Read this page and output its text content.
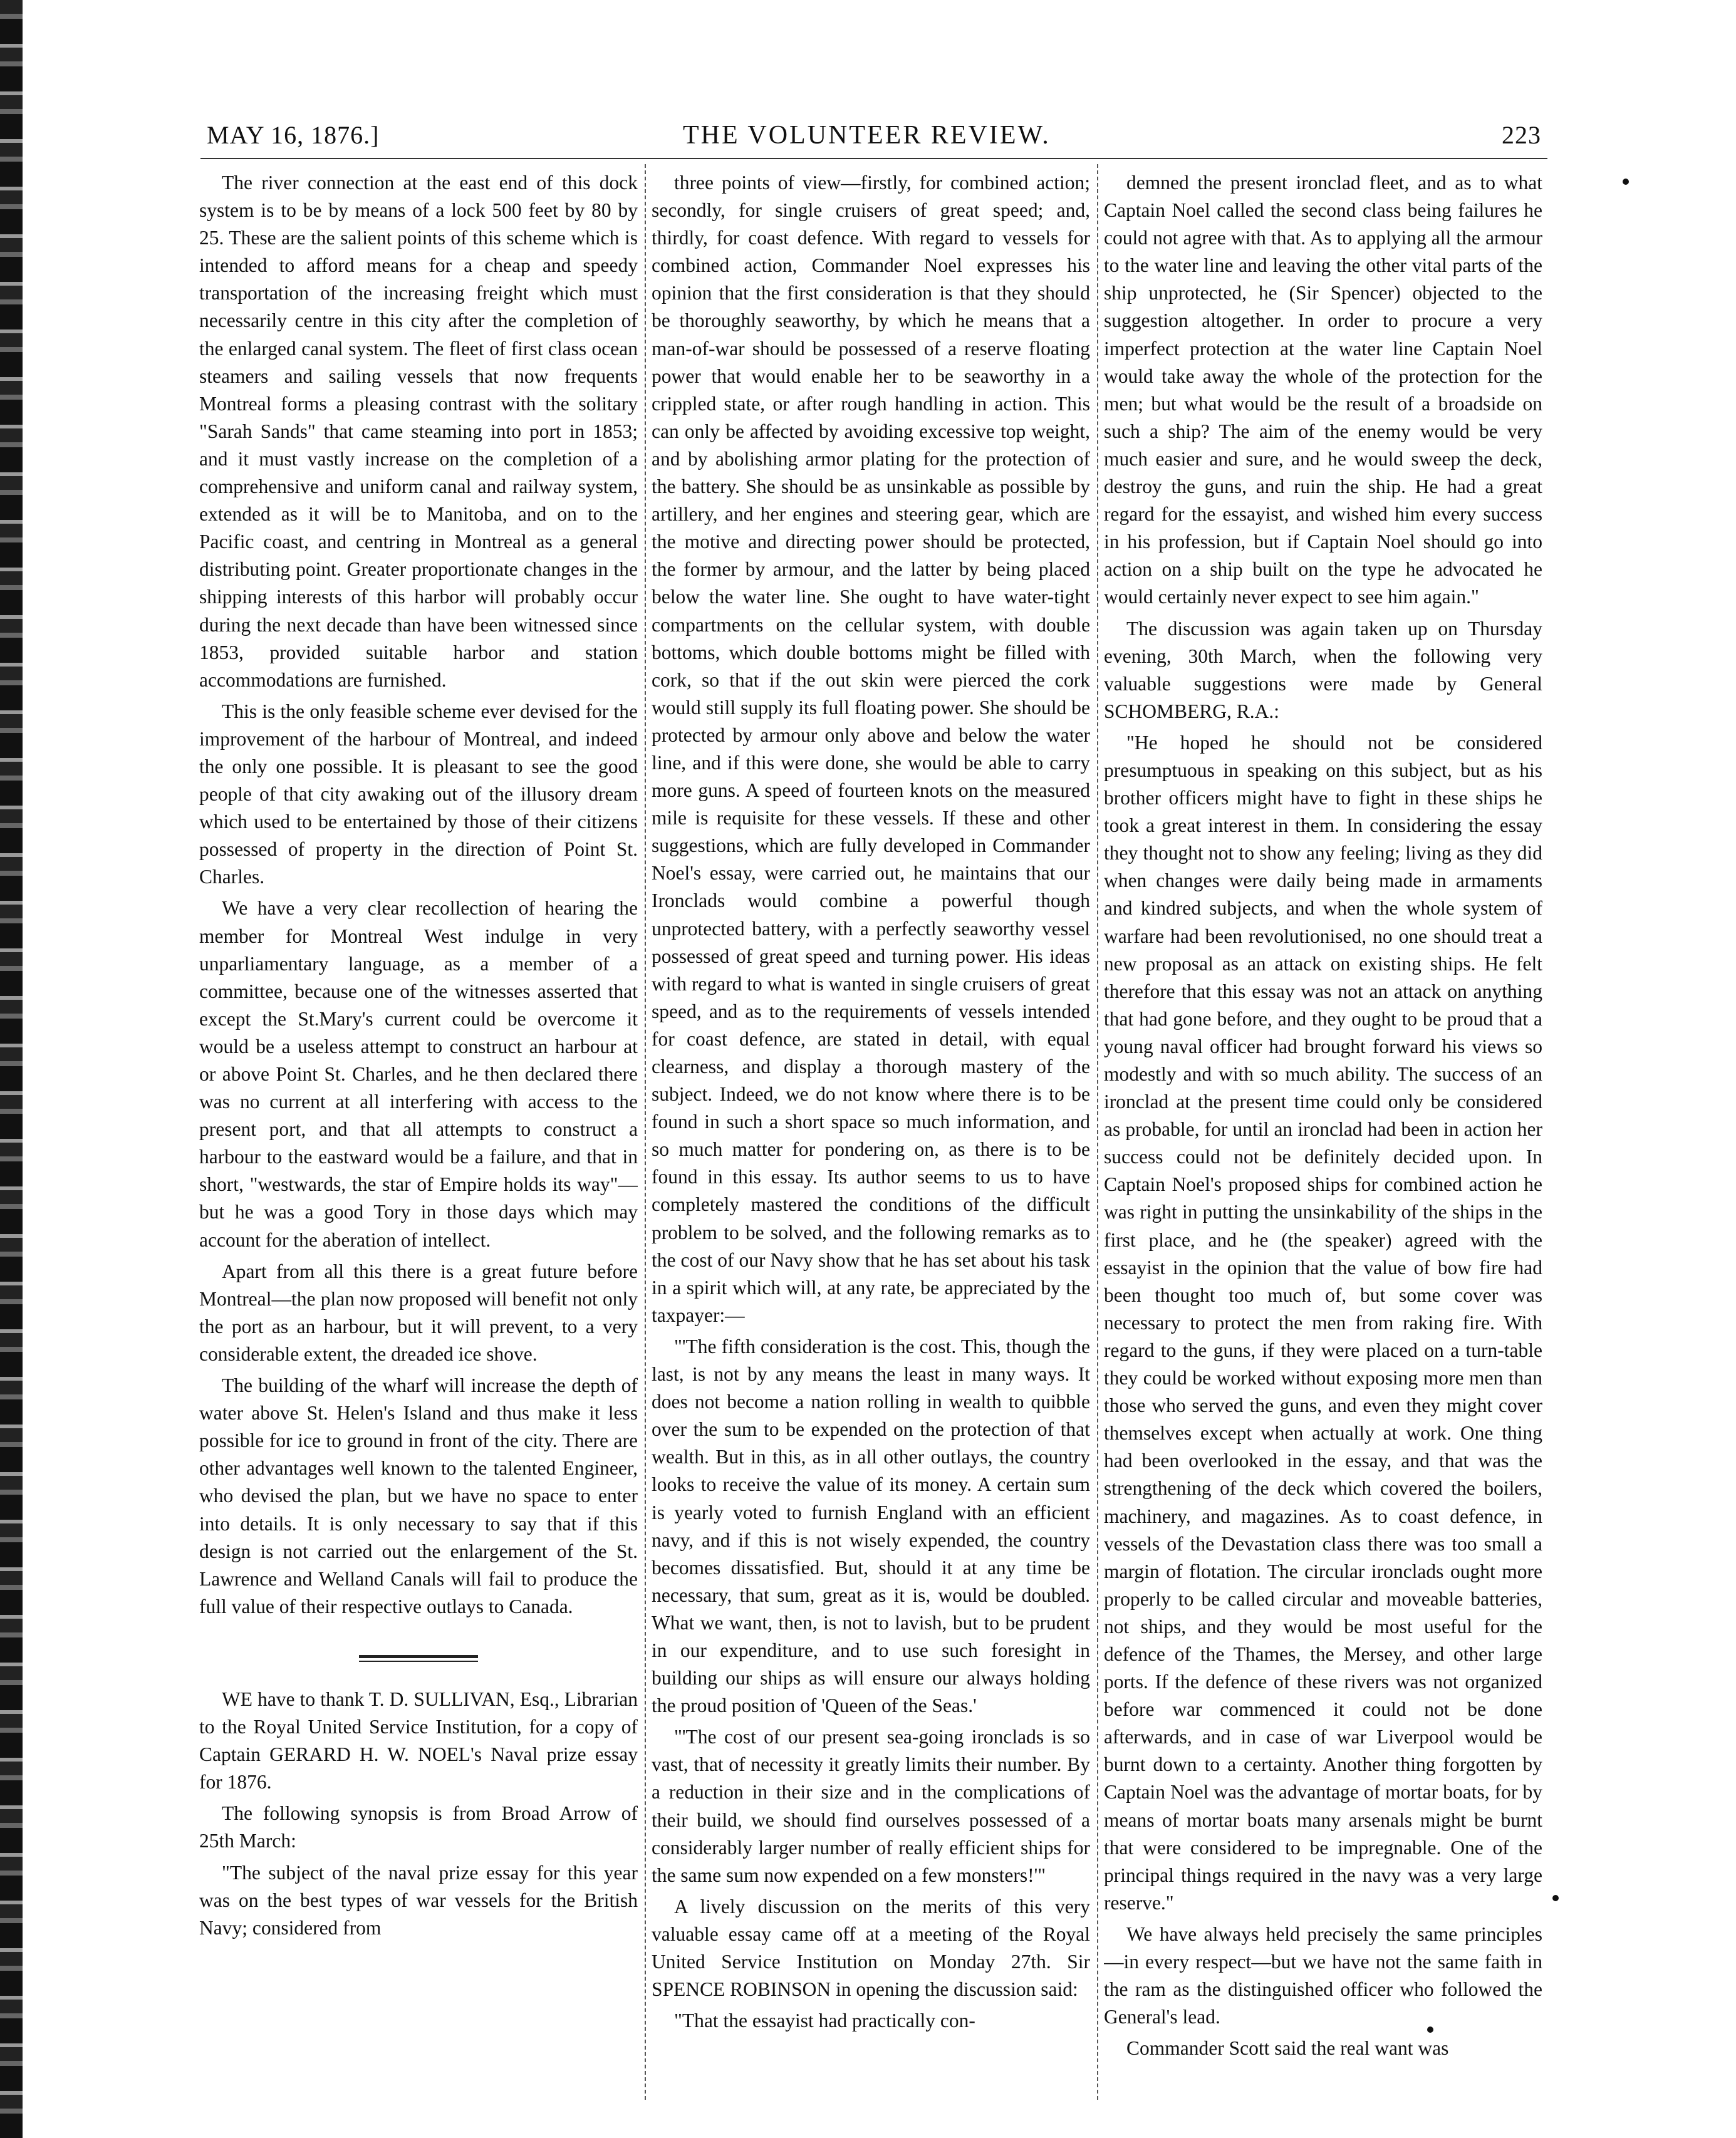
MAY 16, 1876.]	THE VOLUNTEER REVIEW.	223

The river connection at the east end of this dock system is to be by means of a lock 500 feet by 80 by 25. These are the salient points of this scheme which is intended to afford means for a cheap and speedy transportation of the increasing freight which must necessarily centre in this city after the completion of the enlarged canal system. The fleet of first class ocean steamers and sailing vessels that now frequents Montreal forms a pleasing contrast with the solitary "Sarah Sands" that came steaming into port in 1853; and it must vastly increase on the completion of a comprehensive and uniform canal and railway system, extended as it will be to Manitoba, and on to the Pacific coast, and centring in Montreal as a general distributing point. Greater proportionate changes in the shipping interests of this harbor will probably occur during the next decade than have been witnessed since 1853, provided suitable harbor and station accommodations are furnished.

This is the only feasible scheme ever devised for the improvement of the harbour of Montreal, and indeed the only one possible. It is pleasant to see the good people of that city awaking out of the illusory dream which used to be entertained by those of their citizens possessed of property in the direction of Point St. Charles.

We have a very clear recollection of hearing the member for Montreal West indulge in very unparliamentary language, as a member of a committee, because one of the witnesses asserted that except the St.Mary's current could be overcome it would be a useless attempt to construct an harbour at or above Point St. Charles, and he then declared there was no current at all interfering with access to the present port, and that all attempts to construct a harbour to the eastward would be a failure, and that in short, "westwards, the star of Empire holds its way"—but he was a good Tory in those days which may account for the aberation of intellect.

Apart from all this there is a great future before Montreal—the plan now proposed will benefit not only the port as an harbour, but it will prevent, to a very considerable extent, the dreaded ice shove.

The building of the wharf will increase the depth of water above St. Helen's Island and thus make it less possible for ice to ground in front of the city. There are other advantages well known to the talented Engineer, who devised the plan, but we have no space to enter into details. It is only necessary to say that if this design is not carried out the enlargement of the St. Lawrence and Welland Canals will fail to produce the full value of their respective outlays to Canada.

WE have to thank T. D. SULLIVAN, Esq., Librarian to the Royal United Service Institution, for a copy of Captain GERARD H. W. NOEL's Naval prize essay for 1876.

The following synopsis is from Broad Arrow of 25th March:

"The subject of the naval prize essay for this year was on the best types of war vessels for the British Navy; considered from

three points of view—firstly, for combined action; secondly, for single cruisers of great speed; and, thirdly, for coast defence. With regard to vessels for combined action, Commander Noel expresses his opinion that the first consideration is that they should be thoroughly seaworthy, by which he means that a man-of-war should be possessed of a reserve floating power that would enable her to be seaworthy in a crippled state, or after rough handling in action. This can only be affected by avoiding excessive top weight, and by abolishing armor plating for the protection of the battery. She should be as unsinkable as possible by artillery, and her engines and steering gear, which are the motive and directing power should be protected, the former by armour, and the latter by being placed below the water line. She ought to have water-tight compartments on the cellular system, with double bottoms, which double bottoms might be filled with cork, so that if the out skin were pierced the cork would still supply its full floating power. She should be protected by armour only above and below the water line, and if this were done, she would be able to carry more guns. A speed of fourteen knots on the measured mile is requisite for these vessels. If these and other suggestions, which are fully developed in Commander Noel's essay, were carried out, he maintains that our Ironclads would combine a powerful though unprotected battery, with a perfectly seaworthy vessel possessed of great speed and turning power. His ideas with regard to what is wanted in single cruisers of great speed, and as to the requirements of vessels intended for coast defence, are stated in detail, with equal clearness, and display a thorough mastery of the subject. Indeed, we do not know where there is to be found in such a short space so much information, and so much matter for pondering on, as there is to be found in this essay. Its author seems to us to have completely mastered the conditions of the difficult problem to be solved, and the following remarks as to the cost of our Navy show that he has set about his task in a spirit which will, at any rate, be appreciated by the taxpayer:—

"'The fifth consideration is the cost. This, though the last, is not by any means the least in many ways. It does not become a nation rolling in wealth to quibble over the sum to be expended on the protection of that wealth. But in this, as in all other outlays, the country looks to receive the value of its money. A certain sum is yearly voted to furnish England with an efficient navy, and if this is not wisely expended, the country becomes dissatisfied. But, should it at any time be necessary, that sum, great as it is, would be doubled. What we want, then, is not to lavish, but to be prudent in our expenditure, and to use such foresight in building our ships as will ensure our always holding the proud position of 'Queen of the Seas.'

"'The cost of our present sea-going ironclads is so vast, that of necessity it greatly limits their number. By a reduction in their size and in the complications of their build, we should find ourselves possessed of a considerably larger number of really efficient ships for the same sum now expended on a few monsters!'"

A lively discussion on the merits of this very valuable essay came off at a meeting of the Royal United Service Institution on Monday 27th. Sir SPENCE ROBINSON in opening the discussion said:

"That the essayist had practically con-

demned the present ironclad fleet, and as to what Captain Noel called the second class being failures he could not agree with that. As to applying all the armour to the water line and leaving the other vital parts of the ship unprotected, he (Sir Spencer) objected to the suggestion altogether. In order to procure a very imperfect protection at the water line Captain Noel would take away the whole of the protection for the men; but what would be the result of a broadside on such a ship? The aim of the enemy would be very much easier and sure, and he would sweep the deck, destroy the guns, and ruin the ship. He had a great regard for the essayist, and wished him every success in his profession, but if Captain Noel should go into action on a ship built on the type he advocated he would certainly never expect to see him again."

The discussion was again taken up on Thursday evening, 30th March, when the following very valuable suggestions were made by General SCHOMBERG, R.A.:

"He hoped he should not be considered presumptuous in speaking on this subject, but as his brother officers might have to fight in these ships he took a great interest in them. In considering the essay they thought not to show any feeling; living as they did when changes were daily being made in armaments and kindred subjects, and when the whole system of warfare had been revolutionised, no one should treat a new proposal as an attack on existing ships. He felt therefore that this essay was not an attack on anything that had gone before, and they ought to be proud that a young naval officer had brought forward his views so modestly and with so much ability. The success of an ironclad at the present time could only be considered as probable, for until an ironclad had been in action her success could not be definitely decided upon. In Captain Noel's proposed ships for combined action he was right in putting the unsinkability of the ships in the first place, and he (the speaker) agreed with the essayist in the opinion that the value of bow fire had been thought too much of, but some cover was necessary to protect the men from raking fire. With regard to the guns, if they were placed on a turn-table they could be worked without exposing more men than those who served the guns, and even they might cover themselves except when actually at work. One thing had been overlooked in the essay, and that was the strengthening of the deck which covered the boilers, machinery, and magazines. As to coast defence, in vessels of the Devastation class there was too small a margin of flotation. The circular ironclads ought more properly to be called circular and moveable batteries, not ships, and they would be most useful for the defence of the Thames, the Mersey, and other large ports. If the defence of these rivers was not organized before war commenced it could not be done afterwards, and in case of war Liverpool would be burnt down to a certainty. Another thing forgotten by Captain Noel was the advantage of mortar boats, for by means of mortar boats many arsenals might be burnt that were considered to be impregnable. One of the principal things required in the navy was a very large reserve."

We have always held precisely the same principles—in every respect—but we have not the same faith in the ram as the distinguished officer who followed the General's lead.

Commander Scott said the real want was
